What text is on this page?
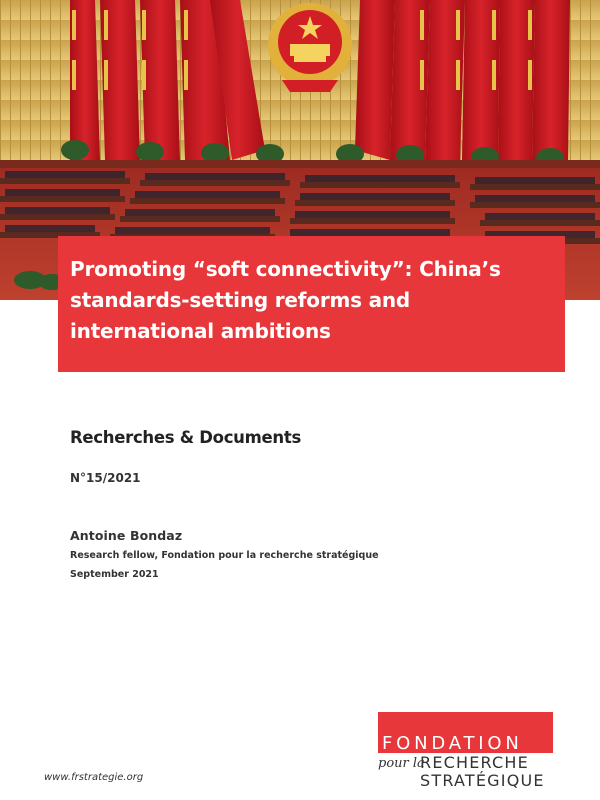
Promoting “soft connectivity”: China’s standards-setting reforms and international ambitions
Recherches & Documents
N°15/2021
Antoine Bondaz
Research fellow, Fondation pour la recherche stratégique
September 2021
www.frstrategie.org
FONDATION
pour la
RECHERCHE
STRATÉGIQUE
